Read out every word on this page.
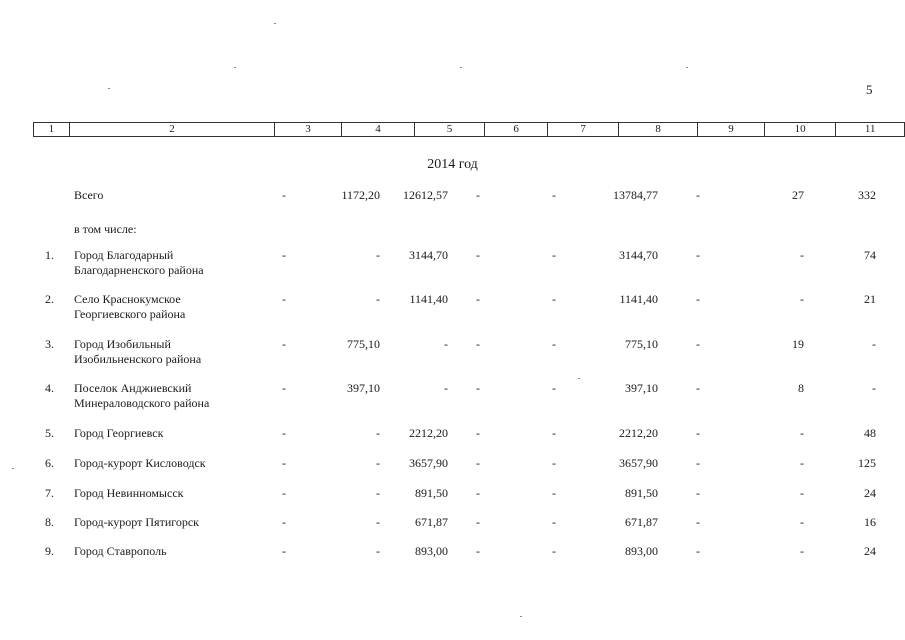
5
1	2	3	4	5	6	7	8	9	10	11
2014 год
Всего	-	1172,20	12612,57	-	-	13784,77	-	27	332
в том числе:
1. Город Благодарный
Благодарненского района
-	-	3144,70	-	-	3144,70	-	-	74
2. Село Краснокумское
Георгиевского района
-	-	1141,40	-	-	1141,40	-	-	21
3. Город Изобильный
Изобильненского района
-	775,10	-	-	-	775,10	-	19	-
4. Поселок Анджиевский
Минераловодского района
-	397,10	-	-	-	397,10	-	8	-
5. Город Георгиевск	-	-	2212,20	-	-	2212,20	-	-	48
6. Город-курорт Кисловодск	-	-	3657,90	-	-	3657,90	-	-	125
7. Город Невинномысск	-	-	891,50	-	-	891,50	-	-	24
8. Город-курорт Пятигорск	-	-	671,87	-	-	671,87	-	-	16
9. Город Ставрополь	-	-	893,00	-	-	893,00	-	-	24
